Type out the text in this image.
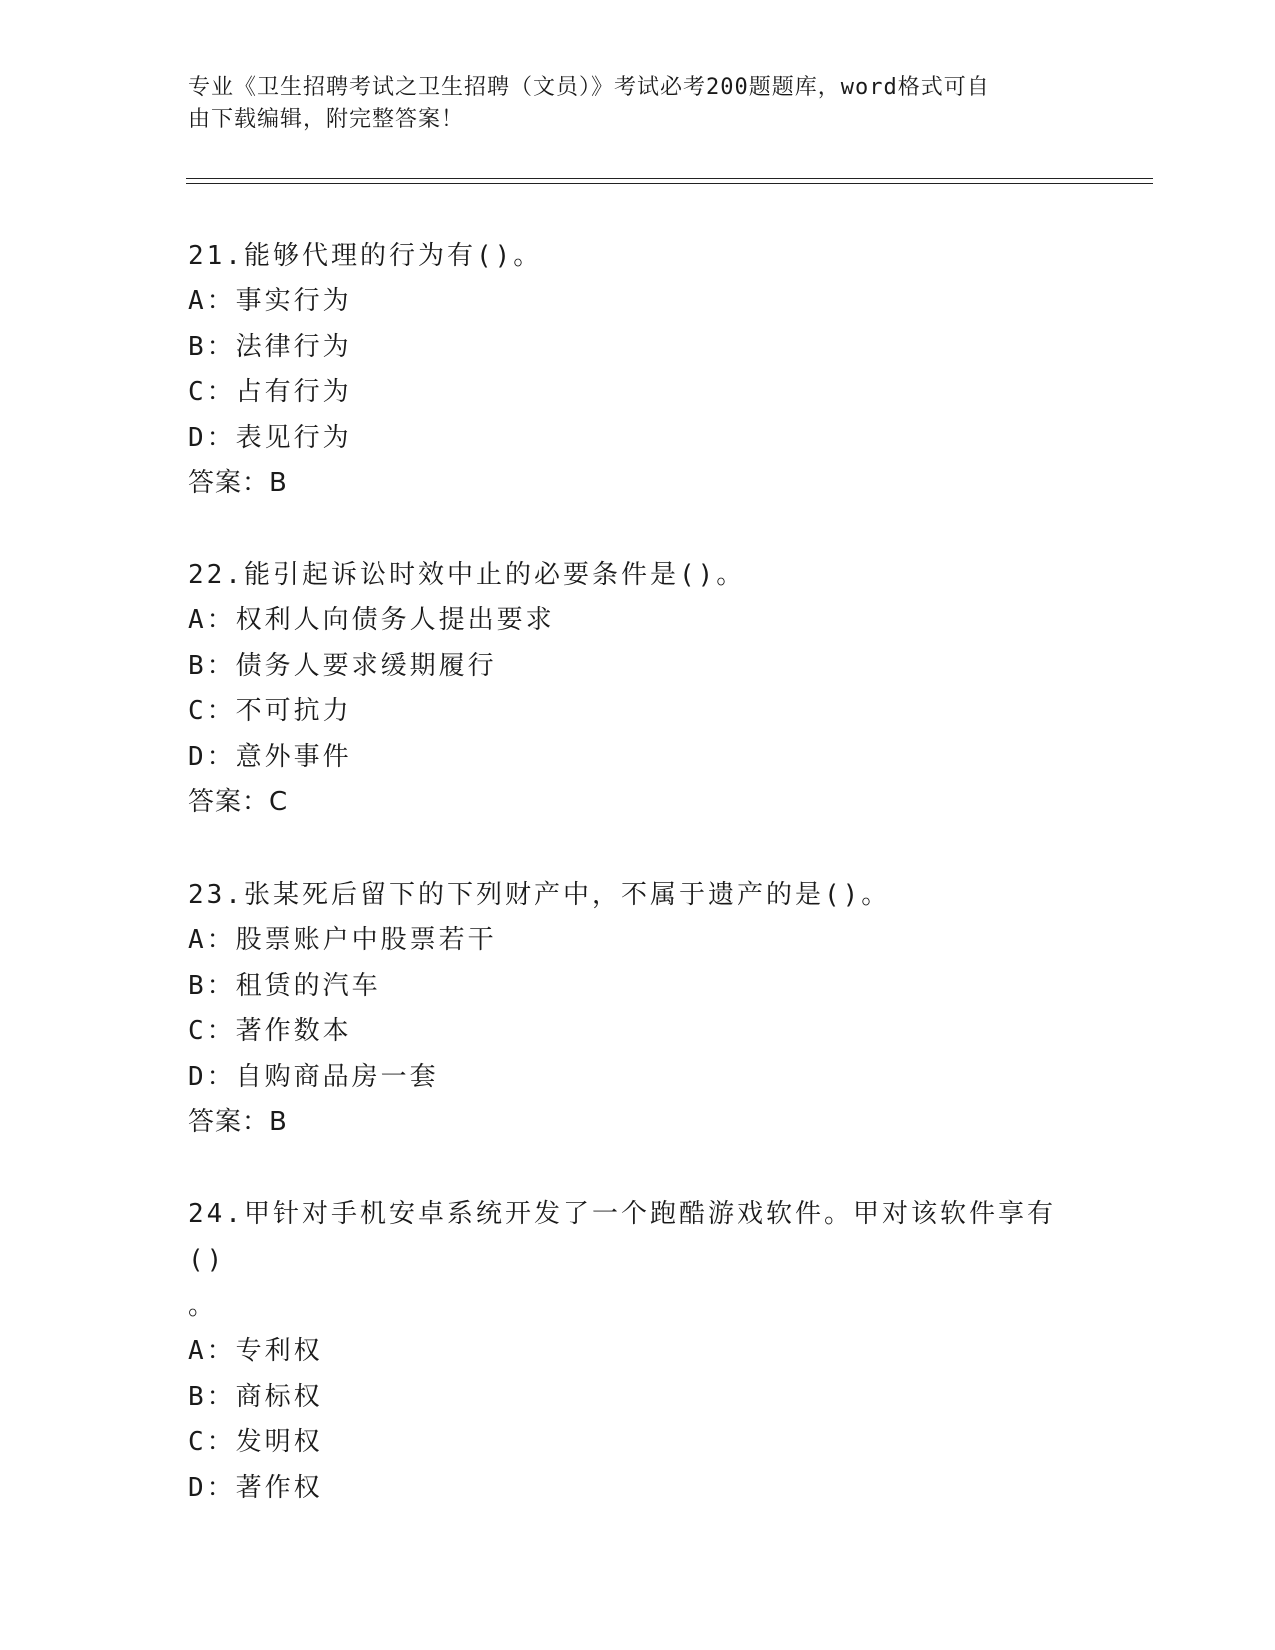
专业《卫生招聘考试之卫生招聘（文员）》考试必考200题题库，word格式可自
由下载编辑，附完整答案！
21.能够代理的行为有()。
A：事实行为
B：法律行为
C：占有行为
D：表见行为
答案：B
22.能引起诉讼时效中止的必要条件是()。
A：权利人向债务人提出要求
B：债务人要求缓期履行
C：不可抗力
D：意外事件
答案：C
23.张某死后留下的下列财产中，不属于遗产的是()。
A：股票账户中股票若干
B：租赁的汽车
C：著作数本
D：自购商品房一套
答案：B
24.甲针对手机安卓系统开发了一个跑酷游戏软件。甲对该软件享有()
。
A：专利权
B：商标权
C：发明权
D：著作权
